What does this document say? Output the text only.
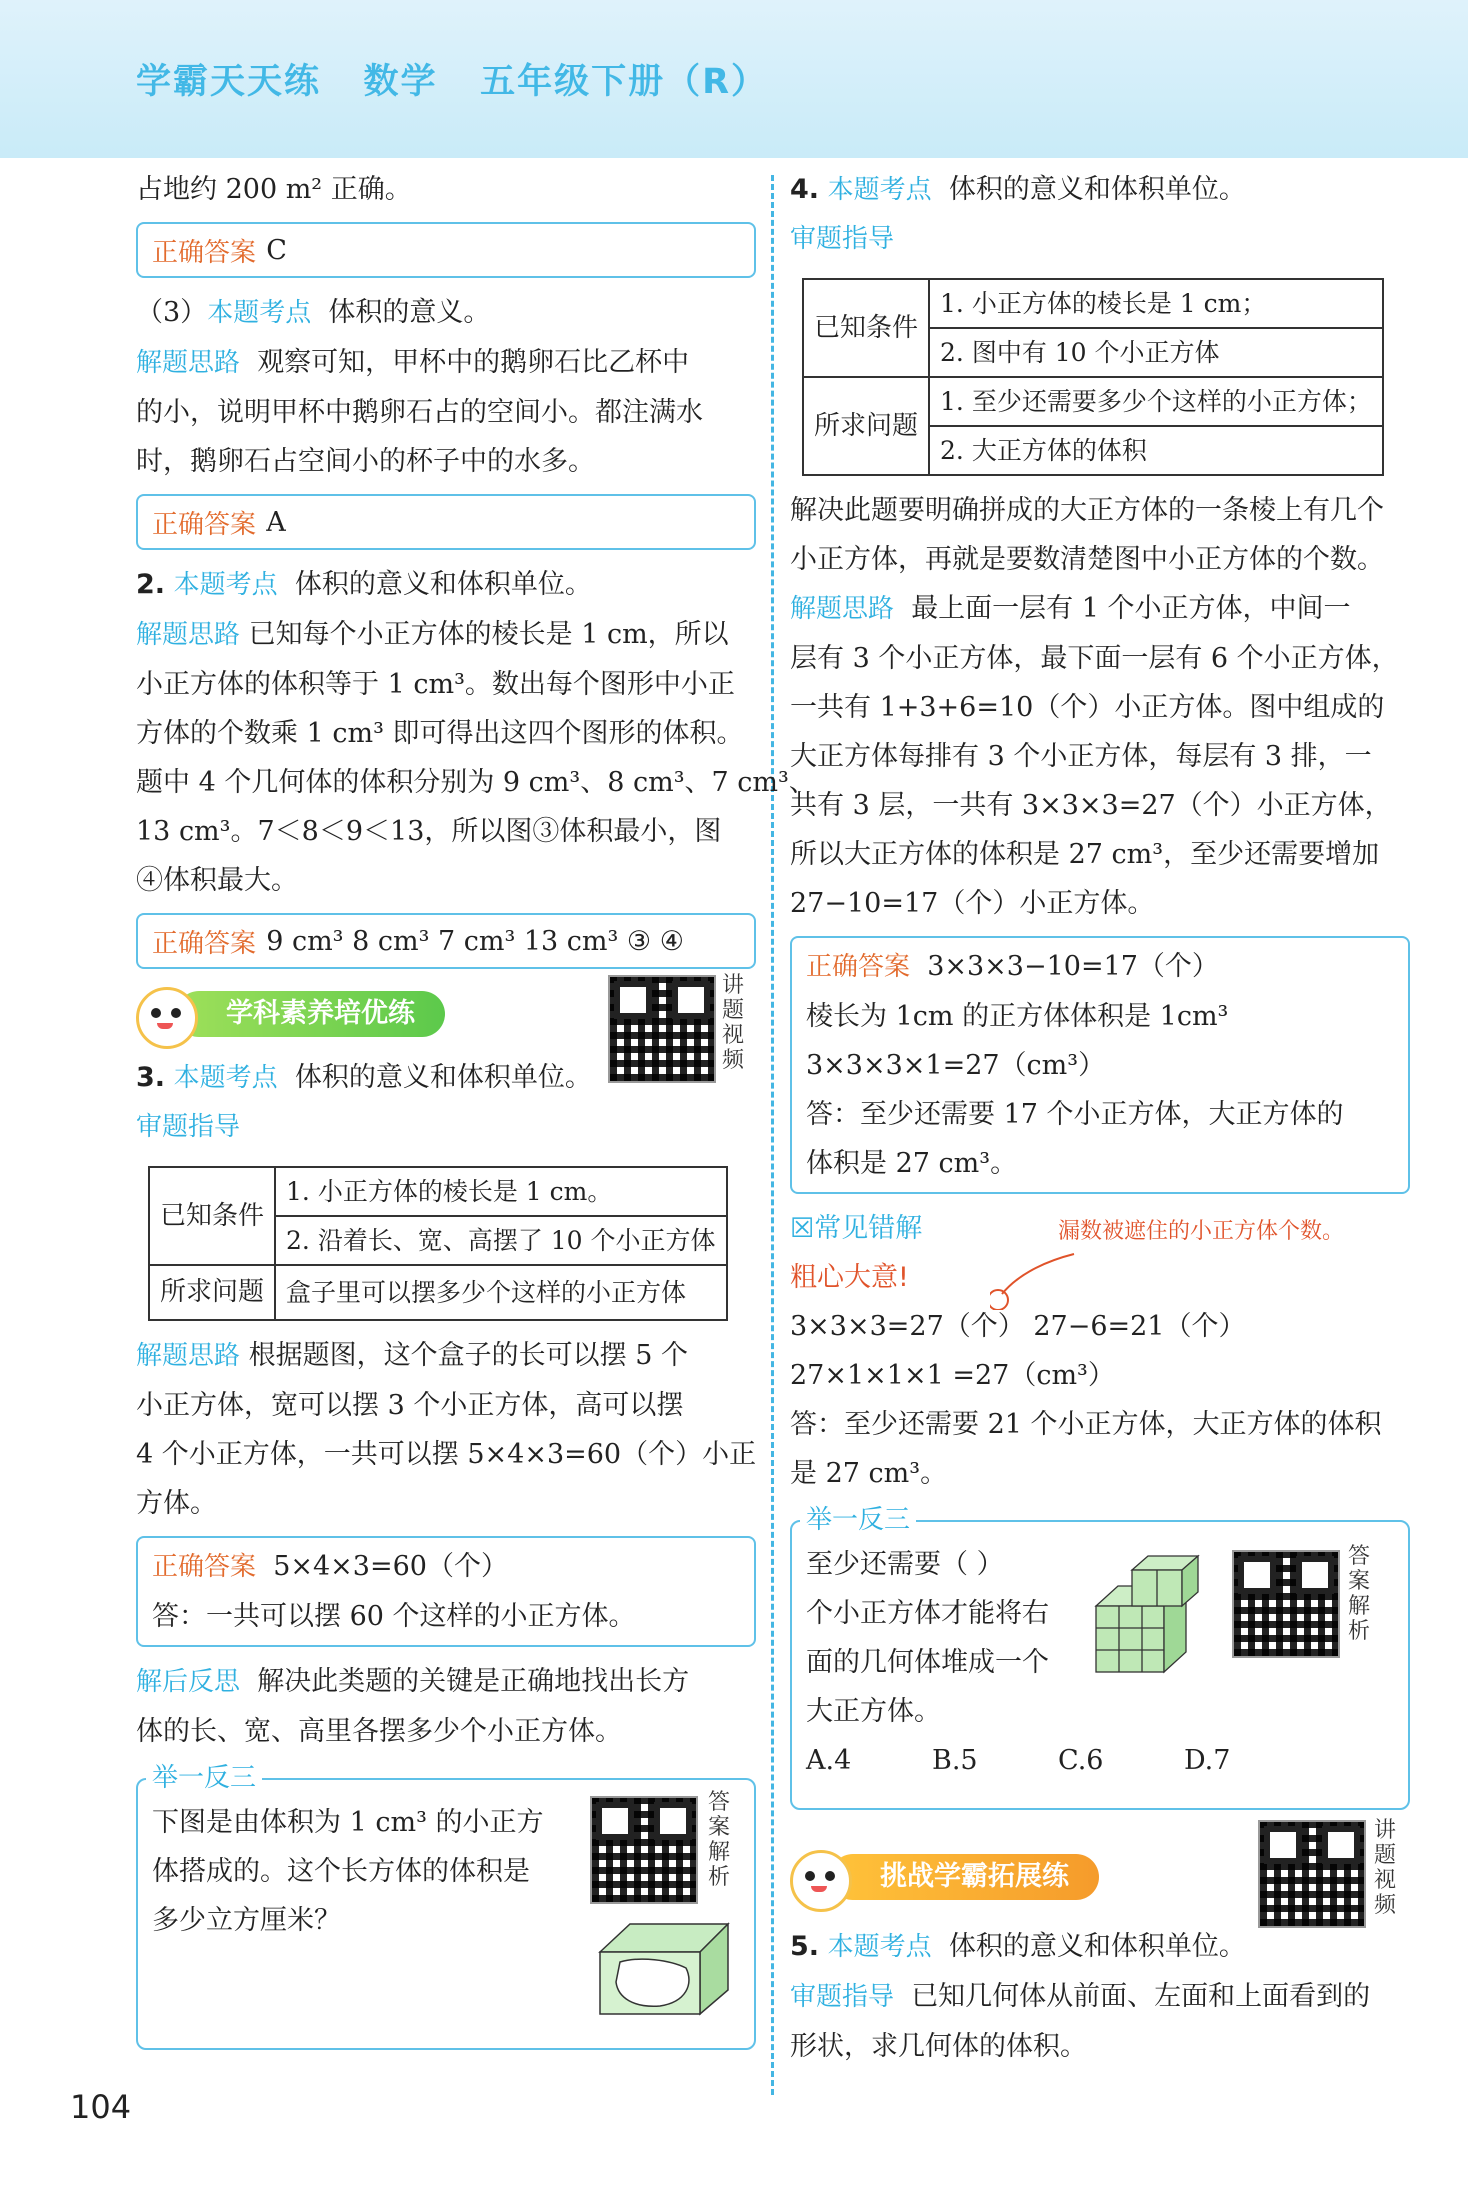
学霸天天练   数学   五年级下册（R）

占地约 200 m² 正确。

正确答案
C

（3）本题考点 体积的意义。

解题思路 观察可知，甲杯中的鹅卵石比乙杯中

的小，说明甲杯中鹅卵石占的空间小。都注满水

时，鹅卵石占空间小的杯子中的水多。

正确答案
A

2. 本题考点 体积的意义和体积单位。

解题思路 已知每个小正方体的棱长是 1 cm，所以

小正方体的体积等于 1 cm³。数出每个图形中小正

方体的个数乘 1 cm³ 即可得出这四个图形的体积。

题中 4 个几何体的体积分别为 9 cm³、8 cm³、7 cm³、

13 cm³。7＜8＜9＜13，所以图③体积最小，图

④体积最大。

正确答案
9 cm³ 8 cm³ 7 cm³ 13 cm³ ③ ④
学科素养培优练
讲题视频

3. 本题考点 体积的意义和体积单位。

审题指导

已知条件	1. 小正方体的棱长是 1 cm。
	2. 沿着长、宽、高摆了 10 个小正方体
所求问题	盒子里可以摆多少个这样的小正方体

解题思路 根据题图，这个盒子的长可以摆 5 个

小正方体，宽可以摆 3 个小正方体，高可以摆

4 个小正方体，一共可以摆 5×4×3=60（个）小正

方体。

正确答案 5×4×3=60（个）

答：一共可以摆 60 个这样的小正方体。

解后反思 解决此类题的关键是正确地找出长方

体的长、宽、高里各摆多少个小正方体。

举一反三

下图是由体积为 1 cm³ 的小正方

体搭成的。这个长方体的体积是

多少立方厘米？

答案解析

4. 本题考点 体积的意义和体积单位。

审题指导

已知条件	1. 小正方体的棱长是 1 cm；
	2. 图中有 10 个小正方体
所求问题	1. 至少还需要多少个这样的小正方体；
	2. 大正方体的体积

解决此题要明确拼成的大正方体的一条棱上有几个

小正方体，再就是要数清楚图中小正方体的个数。

解题思路 最上面一层有 1 个小正方体，中间一

层有 3 个小正方体，最下面一层有 6 个小正方体，

一共有 1+3+6=10（个）小正方体。图中组成的

大正方体每排有 3 个小正方体，每层有 3 排，一

共有 3 层，一共有 3×3×3=27（个）小正方体，

所以大正方体的体积是 27 cm³，至少还需要增加

27−10=17（个）小正方体。

正确答案 3×3×3−10=17（个）

棱长为 1cm 的正方体体积是 1cm³

3×3×3×1=27（cm³）

答：至少还需要 17 个小正方体，大正方体的

体积是 27 cm³。

☒常见错解

粗心大意!

漏数被遮住的小正方体个数。

3×3×3=27（个） 27−6=21（个）

27×1×1×1 =27（cm³）

答：至少还需要 21 个小正方体，大正方体的体积

是 27 cm³。

举一反三

至少还需要（ ）

个小正方体才能将右

面的几何体堆成一个

大正方体。

A.4	B.5	C.6	D.7

答案解析
挑战学霸拓展练
讲题视频

5. 本题考点 体积的意义和体积单位。

审题指导 已知几何体从前面、左面和上面看到的

形状，求几何体的体积。

104
